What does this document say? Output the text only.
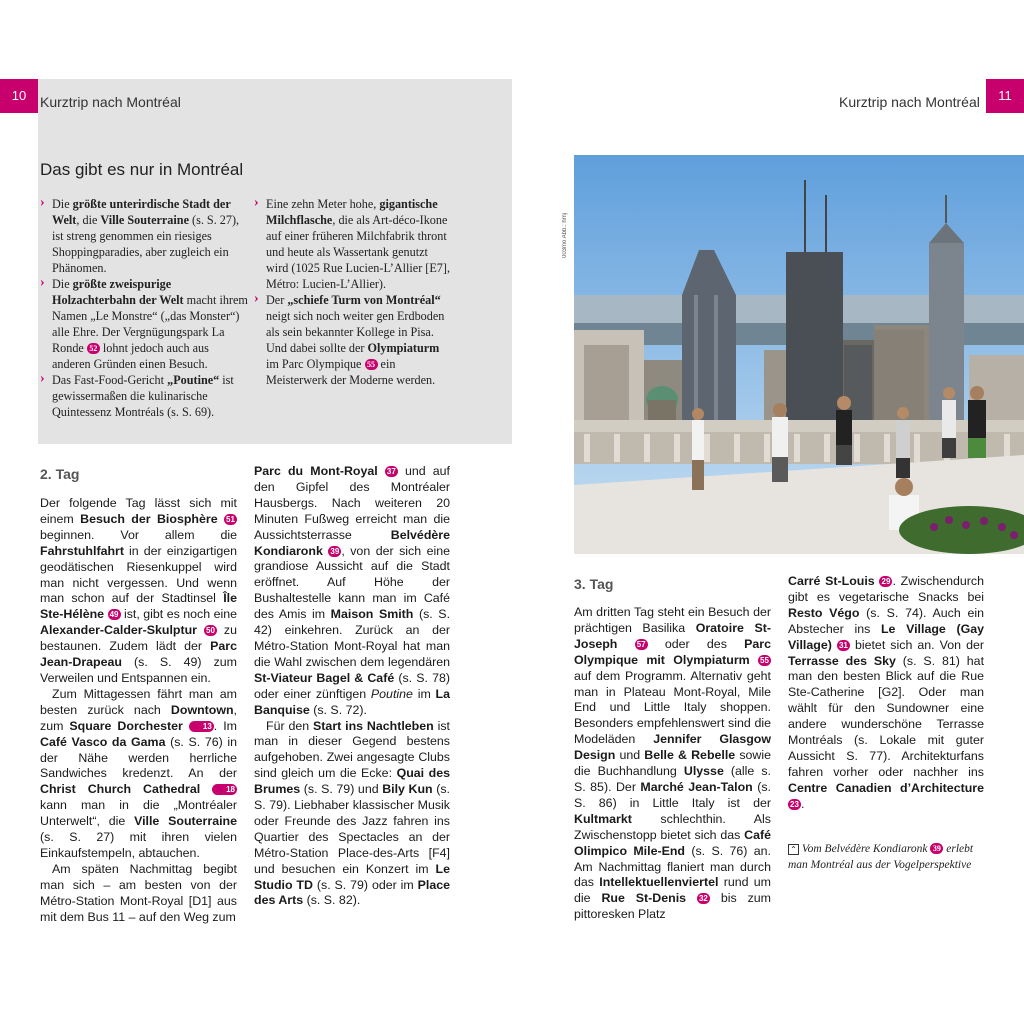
10 Kurztrip nach Montréal
Das gibt es nur in Montréal
› Die größte unterirdische Stadt der Welt, die Ville Souterraine (s. S. 27), ist streng genommen ein riesiges Shoppingparadies, aber zugleich ein Phänomen.
› Die größte zweispurige Holzachterbahn der Welt macht ihrem Namen „Le Monstre“ („das Monster“) alle Ehre. Der Vergnügungspark La Ronde 52 lohnt jedoch auch aus anderen Gründen einen Besuch.
› Das Fast-Food-Gericht „Poutine“ ist gewissermaßen die kulinarische Quintessenz Montréals (s. S. 69).
› Eine zehn Meter hohe, gigantische Milchflasche, die als Art-déco-Ikone auf einer früheren Milchfabrik thront und heute als Wassertank genutzt wird (1025 Rue Lucien-L’Allier [E7], Métro: Lucien-L’Allier).
› Der „schiefe Turm von Montréal“ neigt sich noch weiter gen Erdboden als sein bekannter Kollege in Pisa. Und dabei sollte der Olympiaturm im Parc Olympique 55 ein Meisterwerk der Moderne werden.
2. Tag

Der folgende Tag lässt sich mit einem Besuch der Biosphère 51 beginnen. Vor allem die Fahrstuhlfahrt in der einzigartigen geodätischen Riesenkuppel wird man nicht vergessen. Und wenn man schon auf der Stadtinsel Île Ste-Hélène 49 ist, gibt es noch eine Alexander-Calder-Skulptur 50 zu bestaunen. Zudem lädt der Parc Jean-Drapeau (s. S. 49) zum Verweilen und Entspannen ein.

Zum Mittagessen fährt man am besten zurück nach Downtown, zum Square Dorchester	13 . Im Café Vasco da Gama (s. S. 76) in der Nähe werden herrliche Sandwiches kredenzt. An der Christ Church Cathedral	18 kann man in die „Montréaler Unterwelt“, die Ville Souterraine (s. S. 27) mit ihren vielen Einkaufstempeln, abtauchen.

Am späten Nachmittag begibt man sich – am besten von der Métro-Station Mont-Royal [D1] aus mit dem Bus 11 – auf den Weg zum

Parc du Mont-Royal 37 und auf den Gipfel des Montréaler Hausbergs. Nach weiteren 20 Minuten Fußweg erreicht man die Aussichtsterrasse Belvédère Kondiaronk 39 , von der sich eine grandiose Aussicht auf die Stadt eröffnet. Auf Höhe der Bushaltestelle kann man im Café des Amis im Maison Smith (s. S. 42) einkehren. Zurück an der Métro-Station Mont-Royal hat man die Wahl zwischen dem legendären St-Viateur Bagel & Café (s. S. 78) oder einer zünftigen Poutine im La Banquise (s. S. 72).

Für den Start ins Nachtleben ist man in dieser Gegend bestens aufgehoben. Zwei angesagte Clubs sind gleich um die Ecke: Quai des Brumes (s. S. 79) und Bily Kun (s. S. 79). Liebhaber klassischer Musik oder Freunde des Jazz fahren ins Quartier des Spectacles an der Métro-Station Place-des-Arts [F4] und besuchen ein Konzert im Le Studio TD (s. S. 79) oder im Place des Arts (s. S. 82).

Kurztrip nach Montréal	11
003mo Abb.: hmj
3. Tag

Am dritten Tag steht ein Besuch der prächtigen Basilika Oratoire St-Joseph 57 oder des Parc Olympique mit Olympiaturm 55 auf dem Programm. Alternativ geht man in Plateau Mont-Royal, Mile End und Little Italy shoppen. Besonders empfehlenswert sind die Modeläden Jennifer Glasgow Design und Belle & Rebelle sowie die Buchhandlung Ulysse (alle s. S. 85). Der Marché Jean-Talon (s. S. 86) in Little Italy ist der Kultmarkt schlechthin. Als Zwischenstopp bietet sich das Café Olimpico Mile-End (s. S. 76) an. Am Nachmittag flaniert man durch das Intellektuellenviertel rund um die Rue St-Denis 32 bis zum pittoresken Platz

Carré St-Louis 29 . Zwischendurch gibt es vegetarische Snacks bei Resto Végo (s. S. 74). Auch ein Abstecher ins Le Village (Gay Village) 31 bietet sich an. Von der Terrasse des Sky (s. S. 81) hat man den besten Blick auf die Rue Ste-Catherine [G2]. Oder man wählt für den Sundowner eine andere wunderschöne Terrasse Montréals (s. Lokale mit guter Aussicht S. 77). Architekturfans fahren vorher oder nachher ins Centre Canadien d’Architecture 23 .

⌃ Vom Belvédère Kondiaronk 39 erlebt man Montréal aus der Vogelperspektive
